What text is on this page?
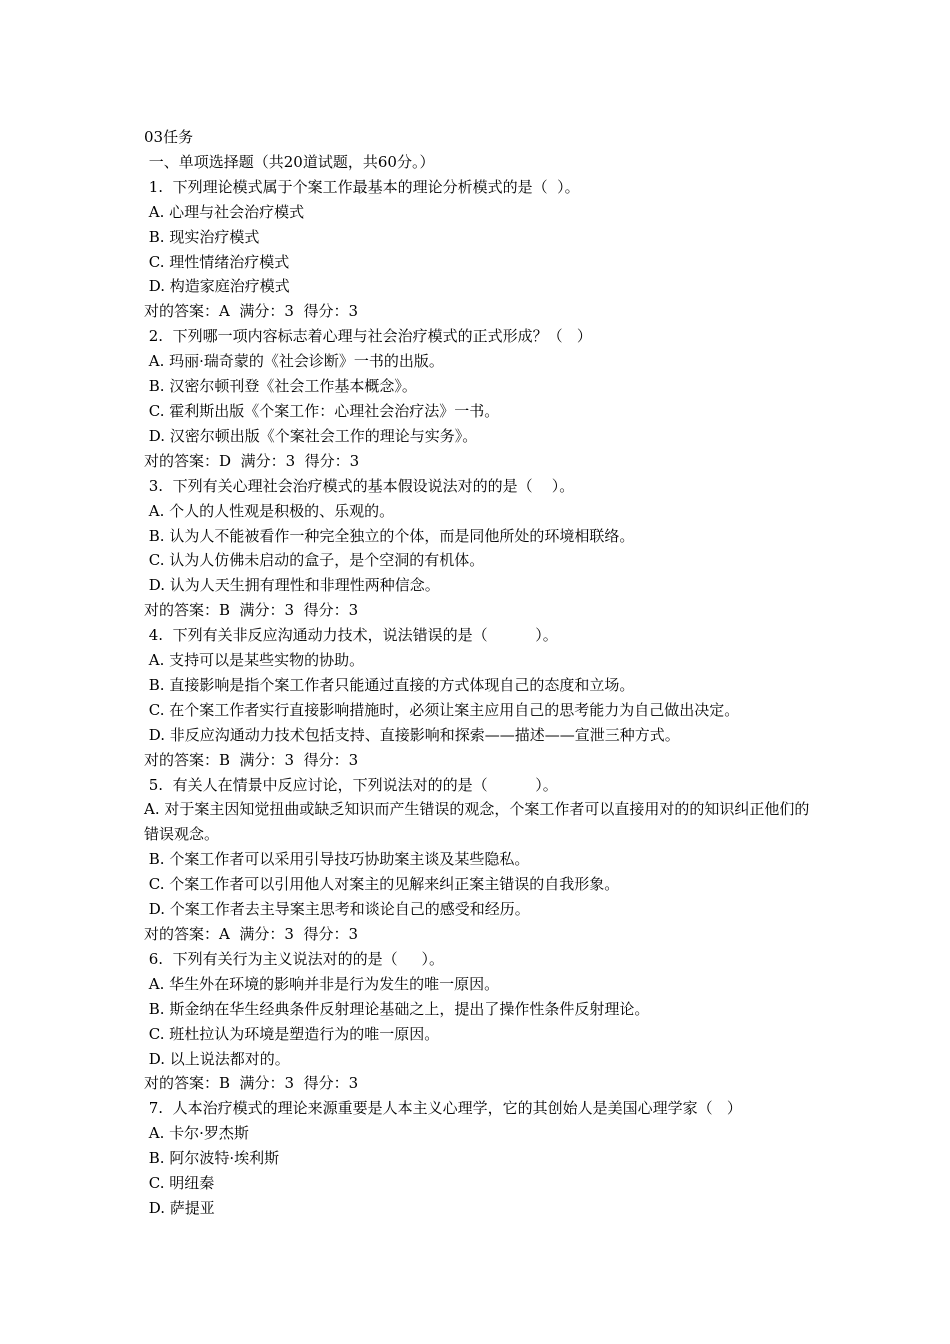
03任务

一、单项选择题（共20道试题，共60分。）

1.  下列理论模式属于个案工作最基本的理论分析模式的是（  ）。

A. 心理与社会治疗模式

B. 现实治疗模式

C. 理性情绪治疗模式

D. 构造家庭治疗模式

对的答案：A  满分：3  得分：3

2.  下列哪一项内容标志着心理与社会治疗模式的正式形成？（   ）

A. 玛丽·瑞奇蒙的《社会诊断》一书的出版。

B. 汉密尔顿刊登《社会工作基本概念》。

C. 霍利斯出版《个案工作：心理社会治疗法》一书。

D. 汉密尔顿出版《个案社会工作的理论与实务》。

对的答案：D  满分：3  得分：3

3.  下列有关心理社会治疗模式的基本假设说法对的的是（    ）。

A. 个人的人性观是积极的、乐观的。

B. 认为人不能被看作一种完全独立的个体，而是同他所处的环境相联络。

C. 认为人仿佛未启动的盒子，是个空洞的有机体。

D. 认为人天生拥有理性和非理性两种信念。

对的答案：B  满分：3  得分：3

4.  下列有关非反应沟通动力技术，说法错误的是（          ）。

A. 支持可以是某些实物的协助。

B. 直接影响是指个案工作者只能通过直接的方式体现自己的态度和立场。

C. 在个案工作者实行直接影响措施时，必须让案主应用自己的思考能力为自己做出决定。

D. 非反应沟通动力技术包括支持、直接影响和探索——描述——宣泄三种方式。

对的答案：B  满分：3  得分：3

5.  有关人在情景中反应讨论，下列说法对的的是（          ）。

A. 对于案主因知觉扭曲或缺乏知识而产生错误的观念，个案工作者可以直接用对的的知识纠正他们的错误观念。

B. 个案工作者可以采用引导技巧协助案主谈及某些隐私。

C. 个案工作者可以引用他人对案主的见解来纠正案主错误的自我形象。

D. 个案工作者去主导案主思考和谈论自己的感受和经历。

对的答案：A  满分：3  得分：3

6.  下列有关行为主义说法对的的是（     ）。

A. 华生外在环境的影响并非是行为发生的唯一原因。

B. 斯金纳在华生经典条件反射理论基础之上，提出了操作性条件反射理论。

C. 班杜拉认为环境是塑造行为的唯一原因。

D. 以上说法都对的。

对的答案：B  满分：3  得分：3

7.  人本治疗模式的理论来源重要是人本主义心理学，它的其创始人是美国心理学家（   ）

A. 卡尔·罗杰斯

B. 阿尔波特·埃利斯

C. 明纽秦

D. 萨提亚
